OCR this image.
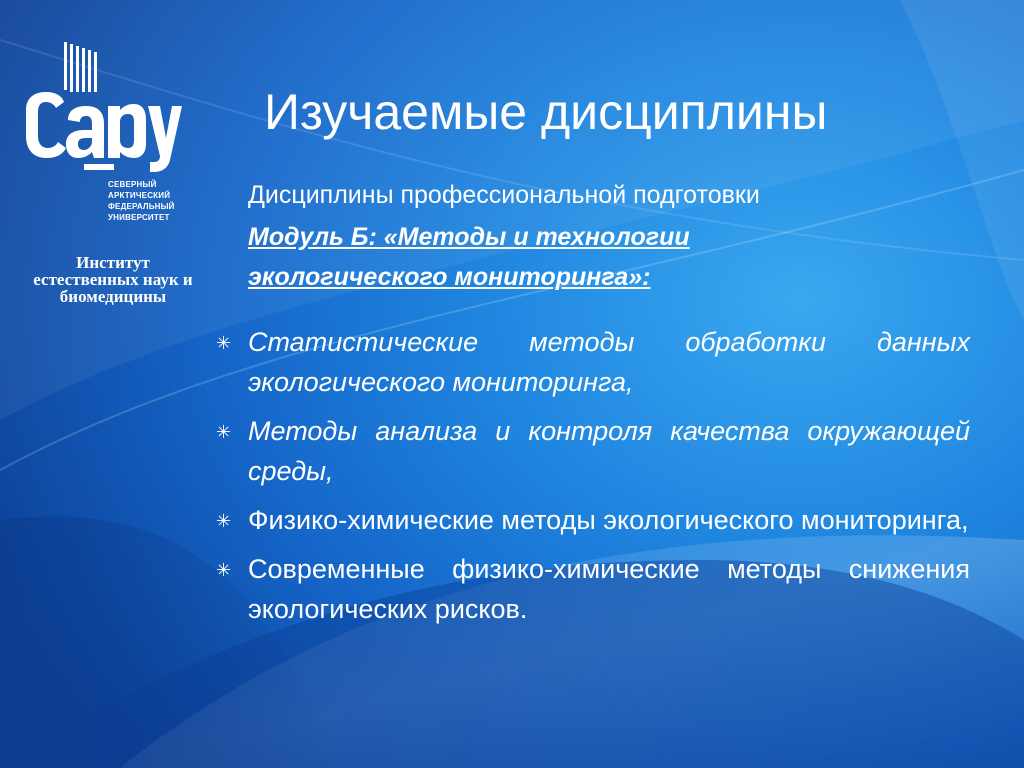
СЕВЕРНЫЙ
АРКТИЧЕСКИЙ
ФЕДЕРАЛЬНЫЙ
УНИВЕРСИТЕТ
Институт естественных наук и биомедицины
Изучаемые дисциплины
Дисциплины профессиональной подготовки
Модуль Б: «Методы и технологии экологического мониторинга»:
✳ Статистические методы обработки данных экологического мониторинга,
✳ Методы анализа и контроля качества окружающей среды,
✳ Физико-химические методы экологического мониторинга,
✳ Современные физико-химические методы снижения экологических рисков.
